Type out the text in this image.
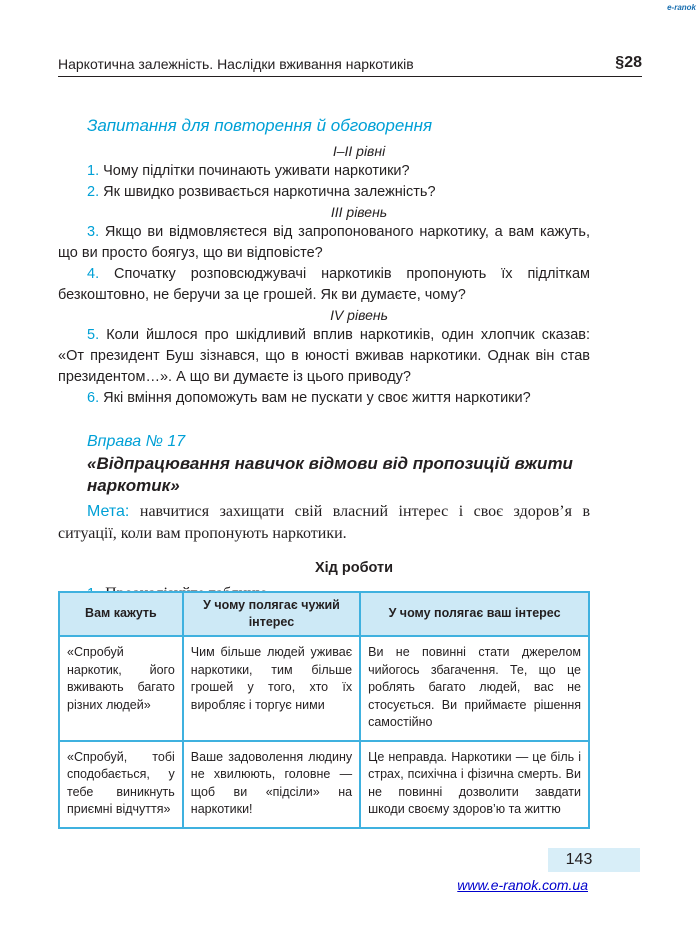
e-ranok
Наркотична залежність. Наслідки вживання наркотиків	§28
Запитання для повторення й обговорення
I–II рівні

1. Чому підлітки починають уживати наркотики?

2. Як швидко розвивається наркотична залежність?

III рівень

3. Якщо ви відмовляєтеся від запропонованого наркотику, а вам кажуть, що ви просто боягуз, що ви відповісте?

4. Спочатку розповсюджувачі наркотиків пропонують їх підліткам безкоштовно, не беручи за це грошей. Як ви думаєте, чому?

IV рівень

5. Коли йшлося про шкідливий вплив наркотиків, один хлопчик сказав: «От президент Буш зізнався, що в юності вживав наркотики. Однак він став президентом…». А що ви думаєте із цього приводу?

6. Які вміння допоможуть вам не пускати у своє життя наркотики?

Вправа № 17

«Відпрацювання навичок відмови від пропозицій вжити наркотик»

Мета: навчитися захищати свій власний інтерес і своє здоров’я в ситуації, коли вам пропонують наркотики.

Хід роботи
Вам кажуть	У чому полягає чужий інтерес	У чому полягає ваш інтерес
«Спробуй наркотик, його вживають багато різних людей»	Чим більше людей уживає наркотики, тим більше грошей у того, хто їх виробляє і торгує ними	Ви не повинні стати джерелом чийогось збагачення. Те, що це роблять багато людей, вас не стосується. Ви приймаєте рішення самостійно
«Спробуй, тобі сподобається, у тебе виникнуть приємні відчуття»	Ваше задоволення людину не хвилюють, головне — щоб ви «підсіли» на наркотики!	Це неправда. Наркотики — це біль і страх, психічна і фізична смерть. Ви не повинні дозволити завдати шкоди своєму здоров’ю та життю
143
www.e-ranok.com.ua
